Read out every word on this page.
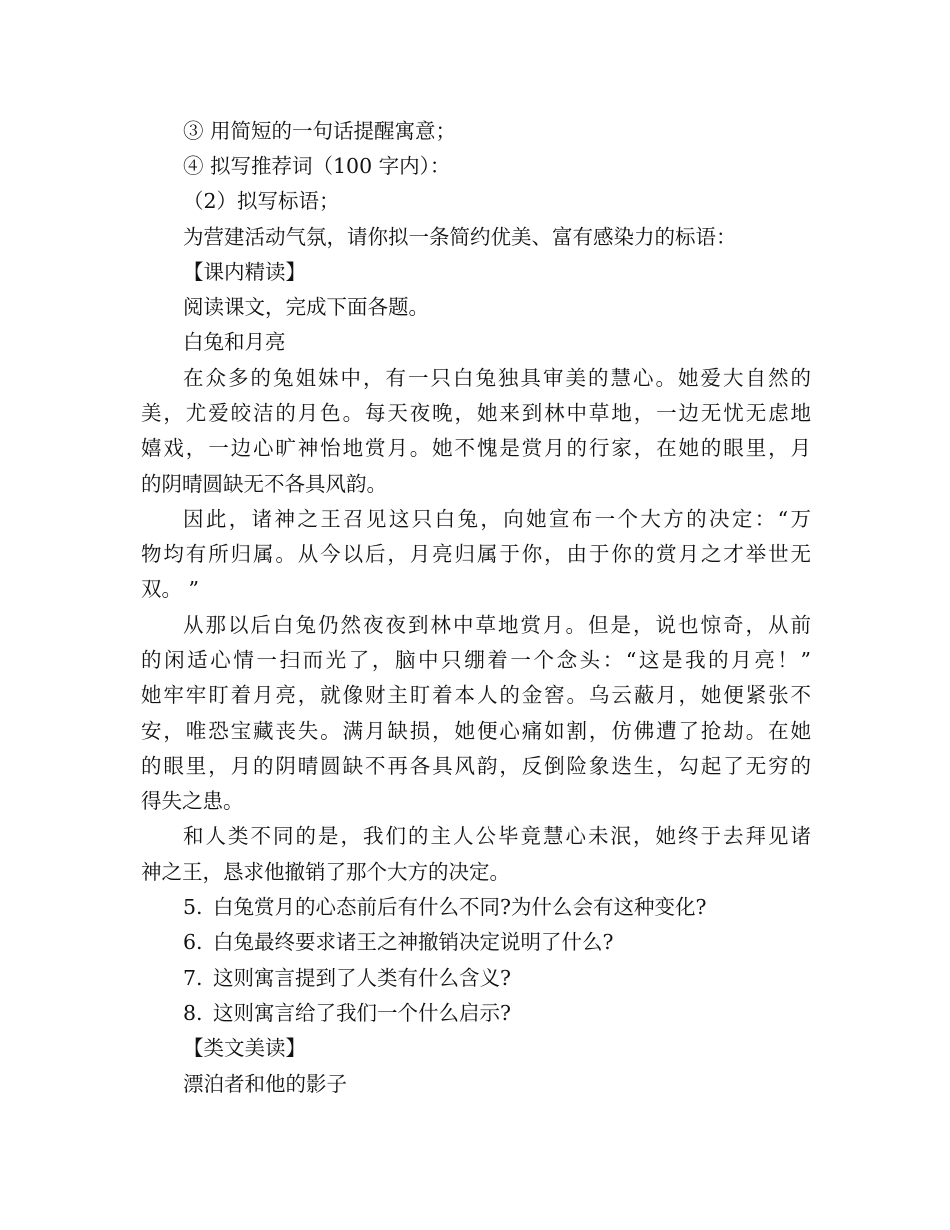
③ 用简短的一句话提醒寓意；
④ 拟写推荐词（100 字内）：
（2）拟写标语；
为营建活动气氛，请你拟一条简约优美、富有感染力的标语：
【课内精读】
阅读课文，完成下面各题。
白兔和月亮
在众多的兔姐妹中，有一只白兔独具审美的慧心。她爱大自然的
美，尤爱皎洁的月色。每天夜晚，她来到林中草地，一边无忧无虑地
嬉戏，一边心旷神怡地赏月。她不愧是赏月的行家，在她的眼里，月
的阴晴圆缺无不各具风韵。
因此，诸神之王召见这只白兔，向她宣布一个大方的决定：“万
物均有所归属。从今以后，月亮归属于你，由于你的赏月之才举世无
双。 ”
从那以后白兔仍然夜夜到林中草地赏月。但是，说也惊奇，从前
的闲适心情一扫而光了，脑中只绷着一个念头：“这是我的月亮！”
她牢牢盯着月亮，就像财主盯着本人的金窖。乌云蔽月，她便紧张不
安，唯恐宝藏丧失。满月缺损，她便心痛如割，仿佛遭了抢劫。在她
的眼里，月的阴晴圆缺不再各具风韵，反倒险象迭生，勾起了无穷的
得失之患。
和人类不同的是，我们的主人公毕竟慧心未泯，她终于去拜见诸
神之王，恳求他撤销了那个大方的决定。
5. 白兔赏月的心态前后有什么不同?为什么会有这种变化?
6. 白兔最终要求诸王之神撤销决定说明了什么?
7. 这则寓言提到了人类有什么含义?
8. 这则寓言给了我们一个什么启示?
【类文美读】
漂泊者和他的影子
